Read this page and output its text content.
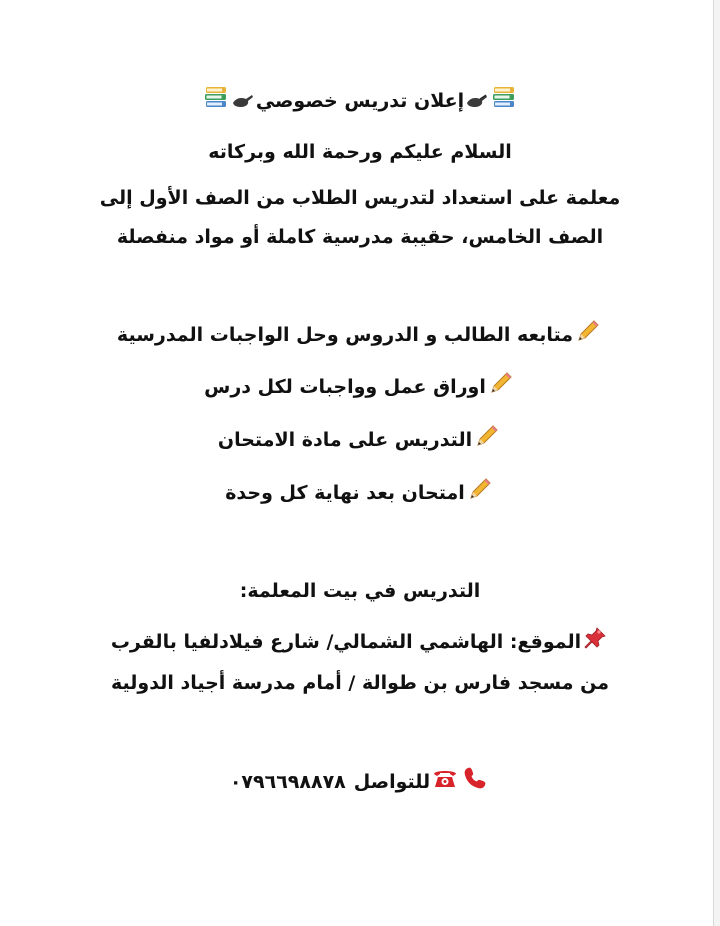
إعلان تدريس خصوصي
السلام عليكم ورحمة الله وبركاته
معلمة على استعداد لتدريس الطلاب من الصف الأول إلى
الصف الخامس، حقيبة مدرسية كاملة أو مواد منفصلة
متابعه الطالب و الدروس وحل الواجبات المدرسية
اوراق عمل وواجبات لكل درس
التدريس على مادة الامتحان
امتحان بعد نهاية كل وحدة
التدريس في بيت المعلمة:
الموقع: الهاشمي الشمالي/ شارع فيلادلفيا بالقرب
من مسجد فارس بن طوالة / أمام مدرسة أجياد الدولية
للتواصل٠٧٩٦٦٩٨٨٧٨
